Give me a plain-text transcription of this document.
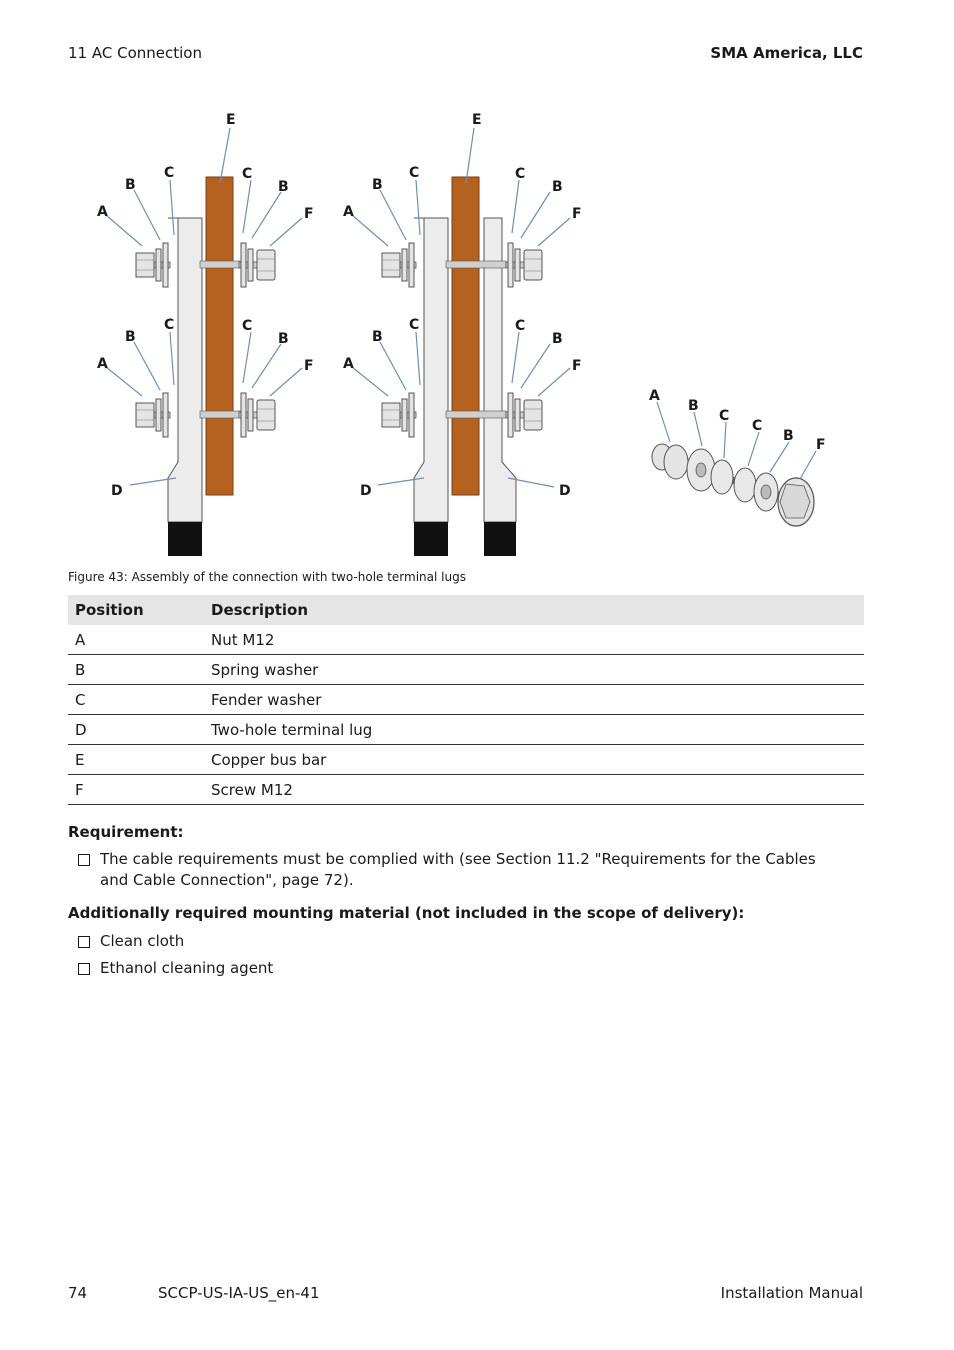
11 AC Connection	SMA America, LLC
E	E
A
B
C	C
B
F
A
B
C	C
B
F
D
A
B
C	C
B
F
A
B
C	C
B
F
D	D
A
B
C
C
B
F
Figure 43: Assembly of the connection with two-hole terminal lugs
Position	Description
A	Nut M12
B	Spring washer
C	Fender washer
D	Two-hole terminal lug
E	Copper bus bar
F	Screw M12
Requirement:
The cable requirements must be complied with (see Section 11.2 "Requirements for the Cables and Cable Connection", page 72).
Additionally required mounting material (not included in the scope of delivery):
Clean cloth
Ethanol cleaning agent
74	SCCP-US-IA-US_en-41	Installation Manual
